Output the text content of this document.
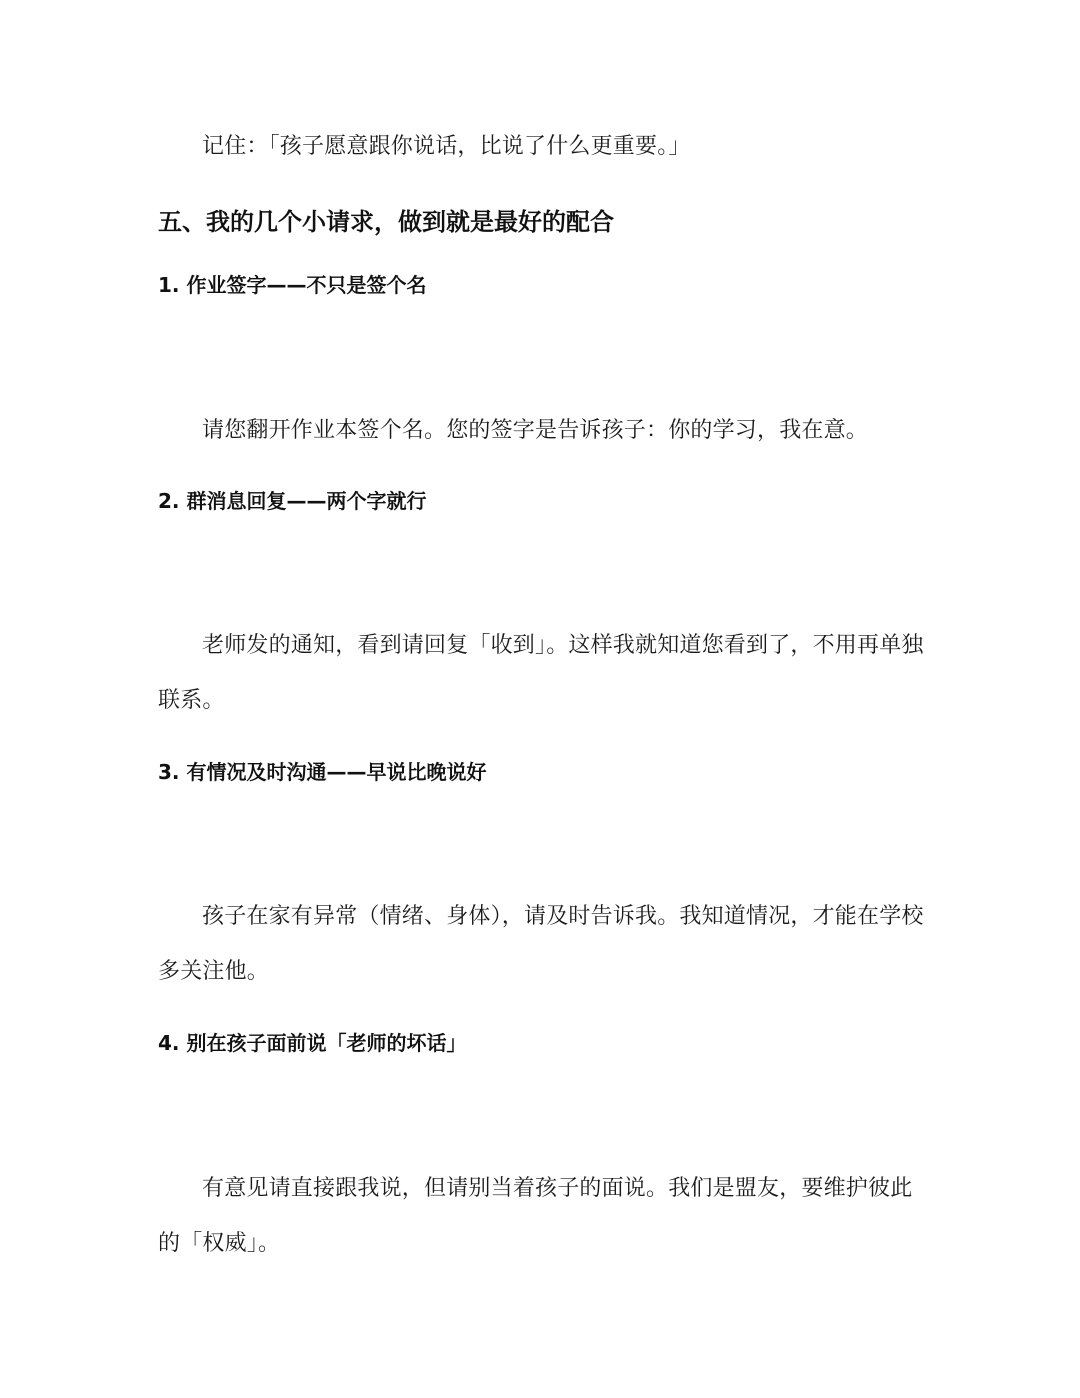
记住：「孩子愿意跟你说话，比说了什么更重要。」

五、我的几个小请求，做到就是最好的配合
1. 作业签字——不只是签个名

请您翻开作业本签个名。您的签字是告诉孩子：你的学习，我在意。

2. 群消息回复——两个字就行

老师发的通知，看到请回复「收到」。这样我就知道您看到了，不用再单独联系。

3. 有情况及时沟通——早说比晚说好

孩子在家有异常（情绪、身体），请及时告诉我。我知道情况，才能在学校多关注他。

4. 别在孩子面前说「老师的坏话」

有意见请直接跟我说，但请别当着孩子的面说。我们是盟友，要维护彼此的「权威」。
